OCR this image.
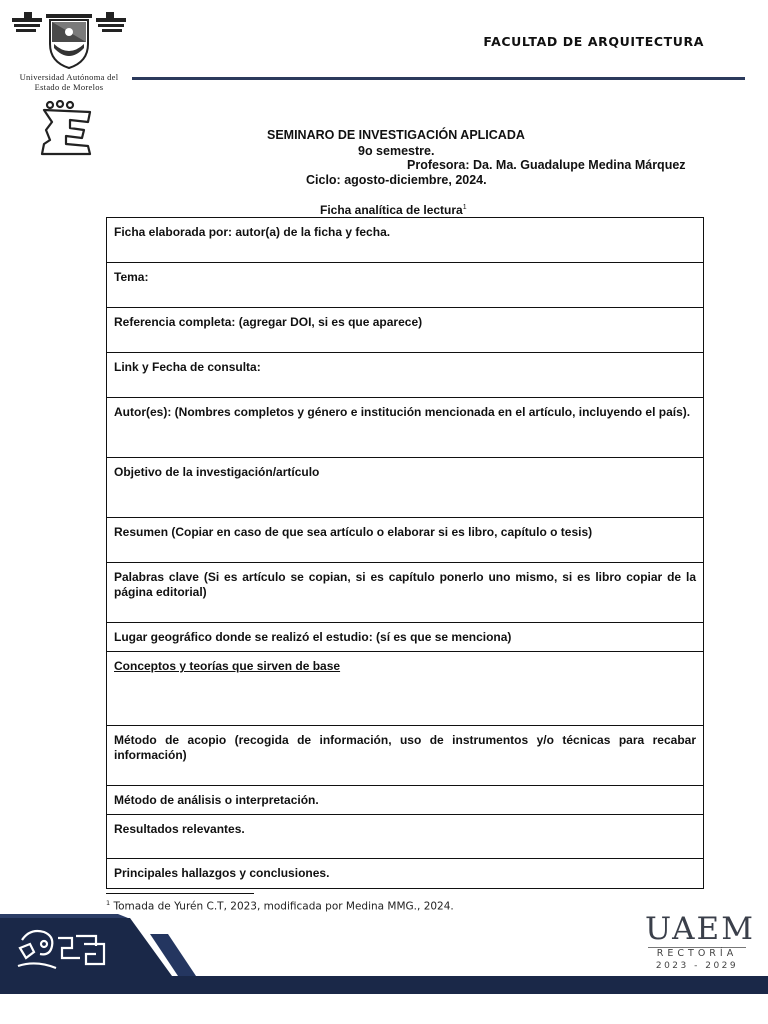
Universidad Autónoma del
Estado de Morelos
FACULTAD DE ARQUITECTURA
SEMINARO DE INVESTIGACIÓN APLICADA
9o semestre.
Profesora: Da. Ma. Guadalupe Medina Márquez
Ciclo: agosto-diciembre, 2024.
Ficha analítica de lectura$^1$
Ficha elaborada por: autor(a) de la ficha y fecha.
Tema:
Referencia completa: (agregar DOI, si es que aparece)
Link y Fecha de consulta:
Autor(es): (Nombres completos y género e institución mencionada en el artículo, incluyendo el país).
Objetivo de la investigación/artículo
Resumen (Copiar en caso de que sea artículo o elaborar si es libro, capítulo o tesis)
Palabras clave (Si es artículo se copian, si es capítulo ponerlo uno mismo, si es libro copiar de la página editorial)
Lugar geográfico donde se realizó el estudio: (sí es que se menciona)
Conceptos y teorías que sirven de base
Método de acopio (recogida de información, uso de instrumentos y/o técnicas para recabar información)
Método de análisis o interpretación.
Resultados relevantes.
Principales hallazgos y conclusiones.
$^1$ Tomada de Yurén C.T, 2023, modificada por Medina MMG., 2024.
UAEM
RECTORÍA
2023 - 2029
